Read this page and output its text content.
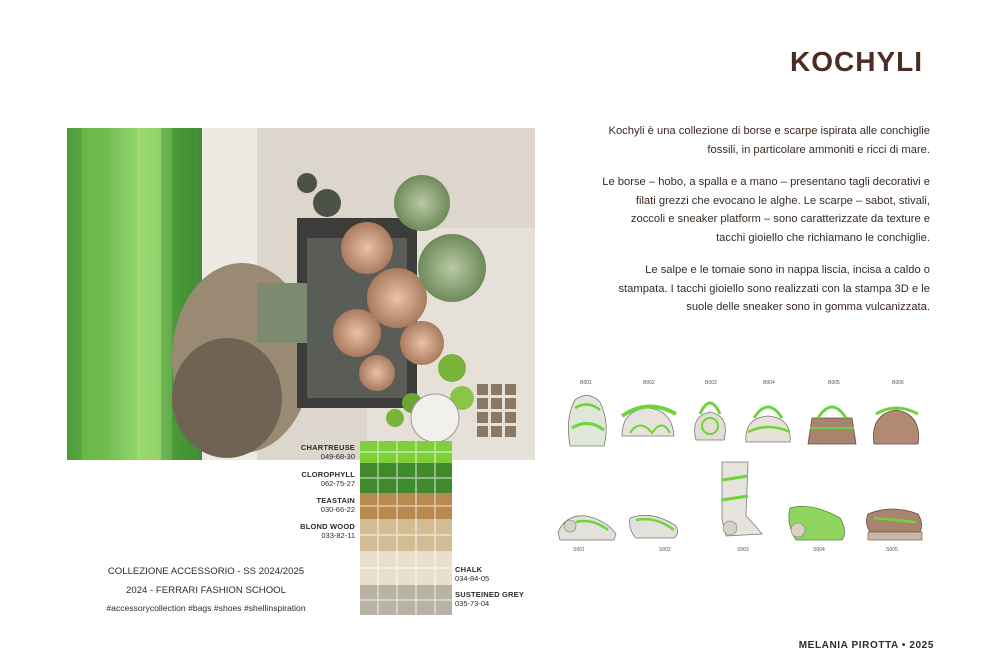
KOCHYLI

Kochyli è una collezione di borse e scarpe ispirata alle conchiglie fossili, in particolare ammoniti e ricci di mare.

Le borse – hobo, a spalla e a mano – presentano tagli decorativi e filati grezzi che evocano le alghe. Le scarpe – sabot, stivali, zoccoli e sneaker platform – sono caratterizzate da texture e tacchi gioiello che richiamano le conchiglie.

Le salpe e le tomaie sono in nappa liscia, incisa a caldo o stampata. I tacchi gioiello sono realizzati con la stampa 3D e le suole delle sneaker sono in gomma vulcanizzata.

CHARTREUSE
049-68-30
CLOROPHYLL
062-75-27
TEASTAIN
030-66-22
BLOND WOOD
033-82-11
CHALK
034-84-05
SUSTEINED GREY
035-73-04
COLLEZIONE ACCESSORIO - SS 2024/2025
2024 - FERRARI FASHION SCHOOL
#accessorycollection #bags #shoes #shellinspiration
B001	B002	B003	B004	B005	B006
S001	S002	S003	S004	S005
MELANIA PIROTTA • 2025
